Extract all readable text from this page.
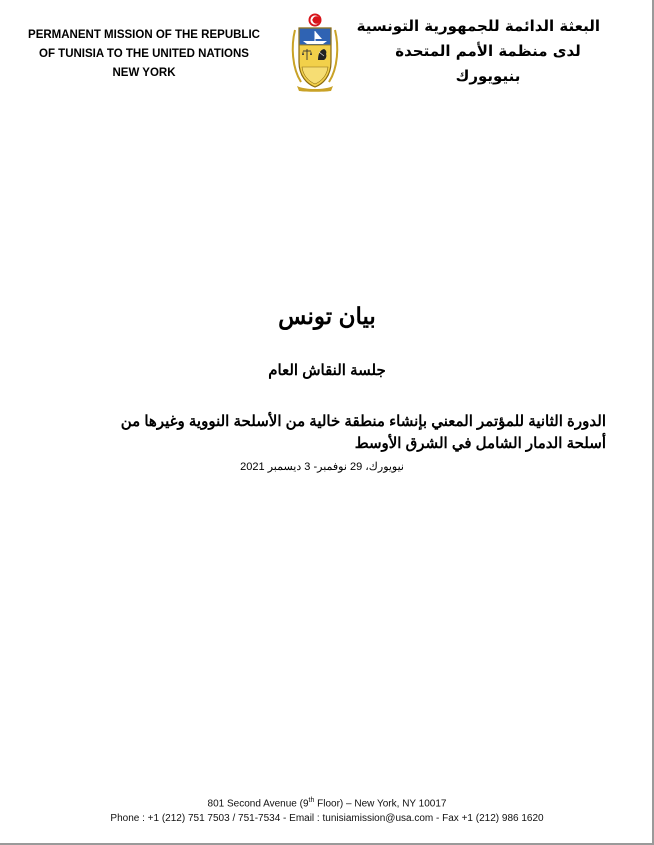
PERMANENT MISSION OF THE REPUBLIC
OF TUNISIA TO THE UNITED NATIONS
NEW YORK
البعثة الدائمة للجمهورية التونسية
لدى منظمة الأمم المتحدة
بنيويورك
بيان تونس
جلسة النقاش العام
الدورة الثانية للمؤتمر المعني بإنشاء منطقة خالية من الأسلحة النووية وغيرها من
أسلحة الدمار الشامل في الشرق الأوسط
نيويورك، 29 نوفمبر- 3 ديسمبر 2021
801 Second Avenue (9th Floor) – New York, NY 10017
Phone : +1 (212) 751 7503 / 751-7534 - Email : tunisiamission@usa.com - Fax +1 (212) 986 1620
